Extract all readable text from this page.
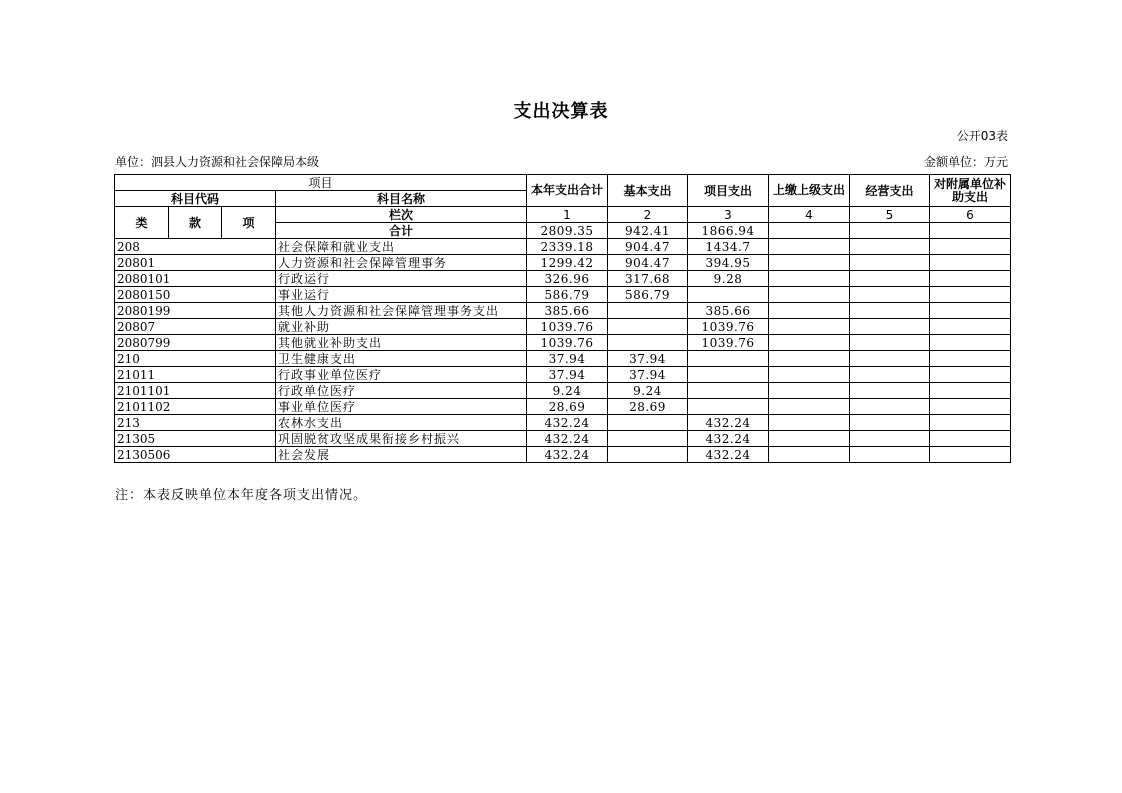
支出决算表
公开03表
单位：泗县人力资源和社会保障局本级	金额单位：万元
项目				本年支出合计	基本支出	项目支出	上缴上级支出	经营支出	对附属单位补助支出
科目代码			科目名称						
类	款	项	栏次	1	2	3	4	5	6
			合计	2809.35	942.41	1866.94			
208			社会保障和就业支出	2339.18	904.47	1434.7			
20801			人力资源和社会保障管理事务	1299.42	904.47	394.95			
2080101			行政运行	326.96	317.68	9.28			
2080150			事业运行	586.79	586.79				
2080199			其他人力资源和社会保障管理事务支出	385.66		385.66			
20807			就业补助	1039.76		1039.76			
2080799			其他就业补助支出	1039.76		1039.76			
210			卫生健康支出	37.94	37.94				
21011			行政事业单位医疗	37.94	37.94				
2101101			行政单位医疗	9.24	9.24				
2101102			事业单位医疗	28.69	28.69				
213			农林水支出	432.24		432.24			
21305			巩固脱贫攻坚成果衔接乡村振兴	432.24		432.24			
2130506			社会发展	432.24		432.24			
注：本表反映单位本年度各项支出情况。
